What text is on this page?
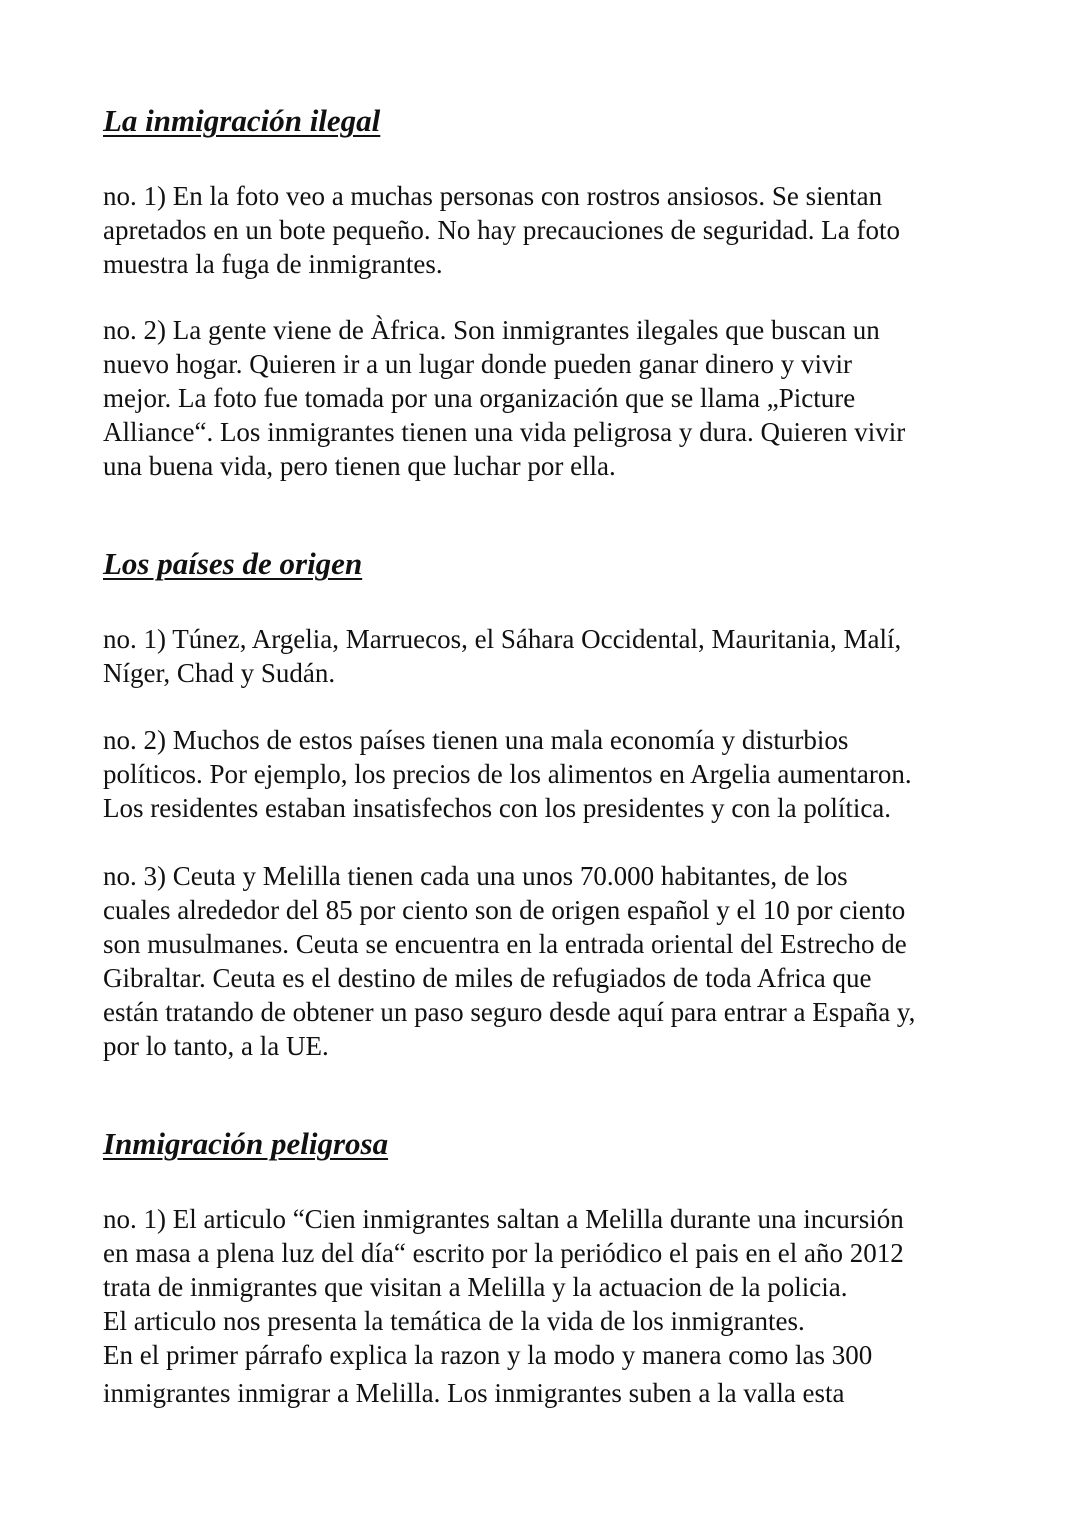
La inmigración ilegal

no. 1) En la foto veo a muchas personas con rostros ansiosos. Se sientan
apretados en un bote pequeño. No hay precauciones de seguridad. La foto
muestra la fuga de inmigrantes.

no. 2) La gente viene de Àfrica. Son inmigrantes ilegales que buscan un
nuevo hogar. Quieren ir a un lugar donde pueden ganar dinero y vivir
mejor. La foto fue tomada por una organización que se llama „Picture
Alliance“. Los inmigrantes tienen una vida peligrosa y dura. Quieren vivir
una buena vida, pero tienen que luchar por ella.

Los países de origen

no. 1) Túnez, Argelia, Marruecos, el Sáhara Occidental, Mauritania, Malí,
Níger, Chad y Sudán.

no. 2) Muchos de estos países tienen una mala economía y disturbios
políticos. Por ejemplo, los precios de los alimentos en Argelia aumentaron.
Los residentes estaban insatisfechos con los presidentes y con la política.

no. 3) Ceuta y Melilla tienen cada una unos 70.000 habitantes, de los
cuales alrededor del 85 por ciento son de origen español y el 10 por ciento
son musulmanes. Ceuta se encuentra en la entrada oriental del Estrecho de
Gibraltar. Ceuta es el destino de miles de refugiados de toda Africa que
están tratando de obtener un paso seguro desde aquí para entrar a España y,
por lo tanto, a la UE.

Inmigración peligrosa

no. 1) El articulo “Cien inmigrantes saltan a Melilla durante una incursión
en masa a plena luz del día“ escrito por la periódico el pais en el año 2012
trata de inmigrantes que visitan a Melilla y la actuacion de la policia.
El articulo nos presenta la temática de la vida de los inmigrantes.
En el primer párrafo explica la razon y la modo y manera como las 300
inmigrantes inmigrar a Melilla. Los inmigrantes suben a la valla esta
